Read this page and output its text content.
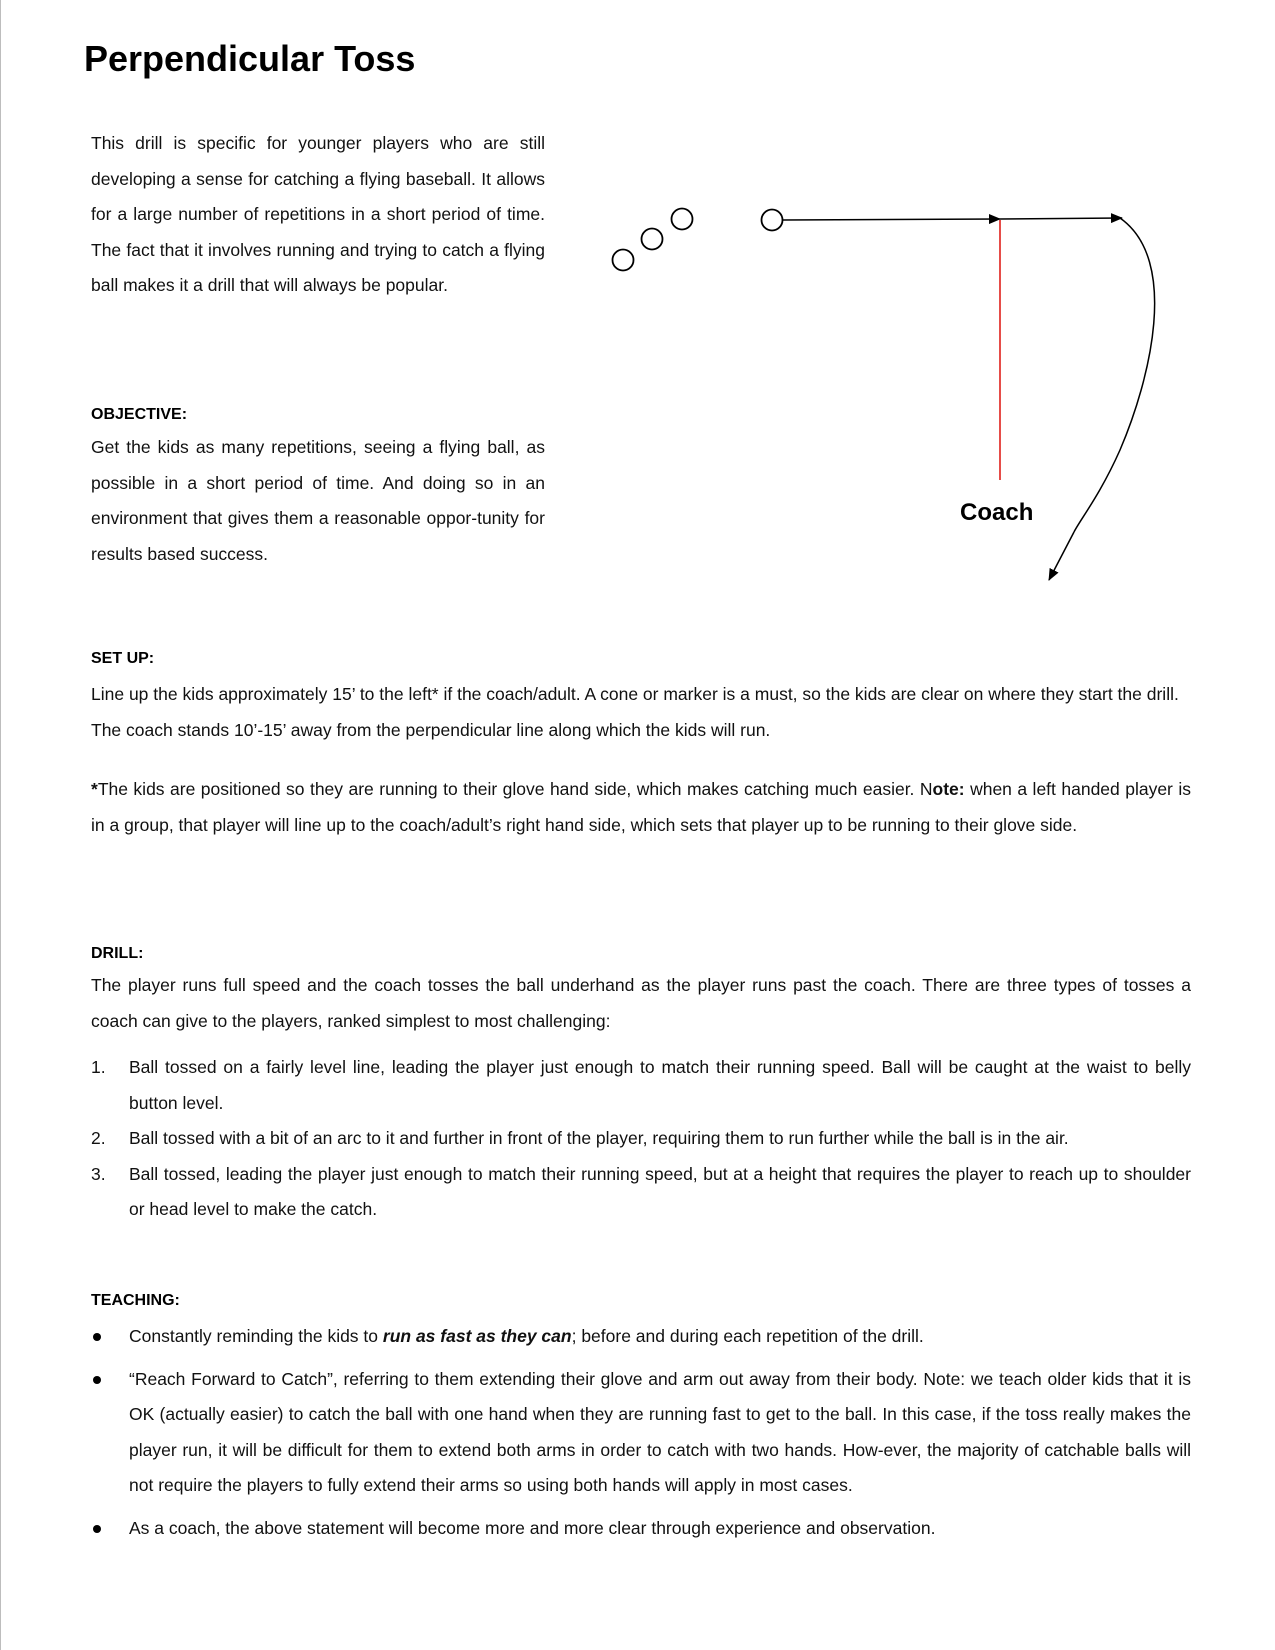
Perpendicular Toss

This drill is specific for younger players who are still developing a sense for catching a flying baseball. It allows for a large number of repetitions in a short period of time. The fact that it involves running and trying to catch a flying ball makes it a drill that will always be popular.

Coach

OBJECTIVE:

Get the kids as many repetitions, seeing a flying ball, as possible in a short period of time. And doing so in an environment that gives them a reasonable oppor-tunity for results based success.

SET UP:

Line up the kids approximately 15’ to the left* if the coach/adult. A cone or marker is a must, so the kids are clear on where they start the drill. The coach stands 10’-15’ away from the perpendicular line along which the kids will run.

*The kids are positioned so they are running to their glove hand side, which makes catching much easier. Note: when a left handed player is in a group, that player will line up to the coach/adult’s right hand side, which sets that player up to be running to their glove side.

DRILL:

The player runs full speed and the coach tosses the ball underhand as the player runs past the coach. There are three types of tosses a coach can give to the players, ranked simplest to most challenging:

1. Ball tossed on a fairly level line, leading the player just enough to match their running speed. Ball will be caught at the waist to belly button level.
2. Ball tossed with a bit of an arc to it and further in front of the player, requiring them to run further while the ball is in the air.
3. Ball tossed, leading the player just enough to match their running speed, but at a height that requires the player to reach up to shoulder or head level to make the catch.

TEACHING:

Constantly reminding the kids to run as fast as they can; before and during each repetition of the drill.
“Reach Forward to Catch”, referring to them extending their glove and arm out away from their body. Note: we teach older kids that it is OK (actually easier) to catch the ball with one hand when they are running fast to get to the ball. In this case, if the toss really makes the player run, it will be difficult for them to extend both arms in order to catch with two hands. How-ever, the majority of catchable balls will not require the players to fully extend their arms so using both hands will apply in most cases.
As a coach, the above statement will become more and more clear through experience and observation.
